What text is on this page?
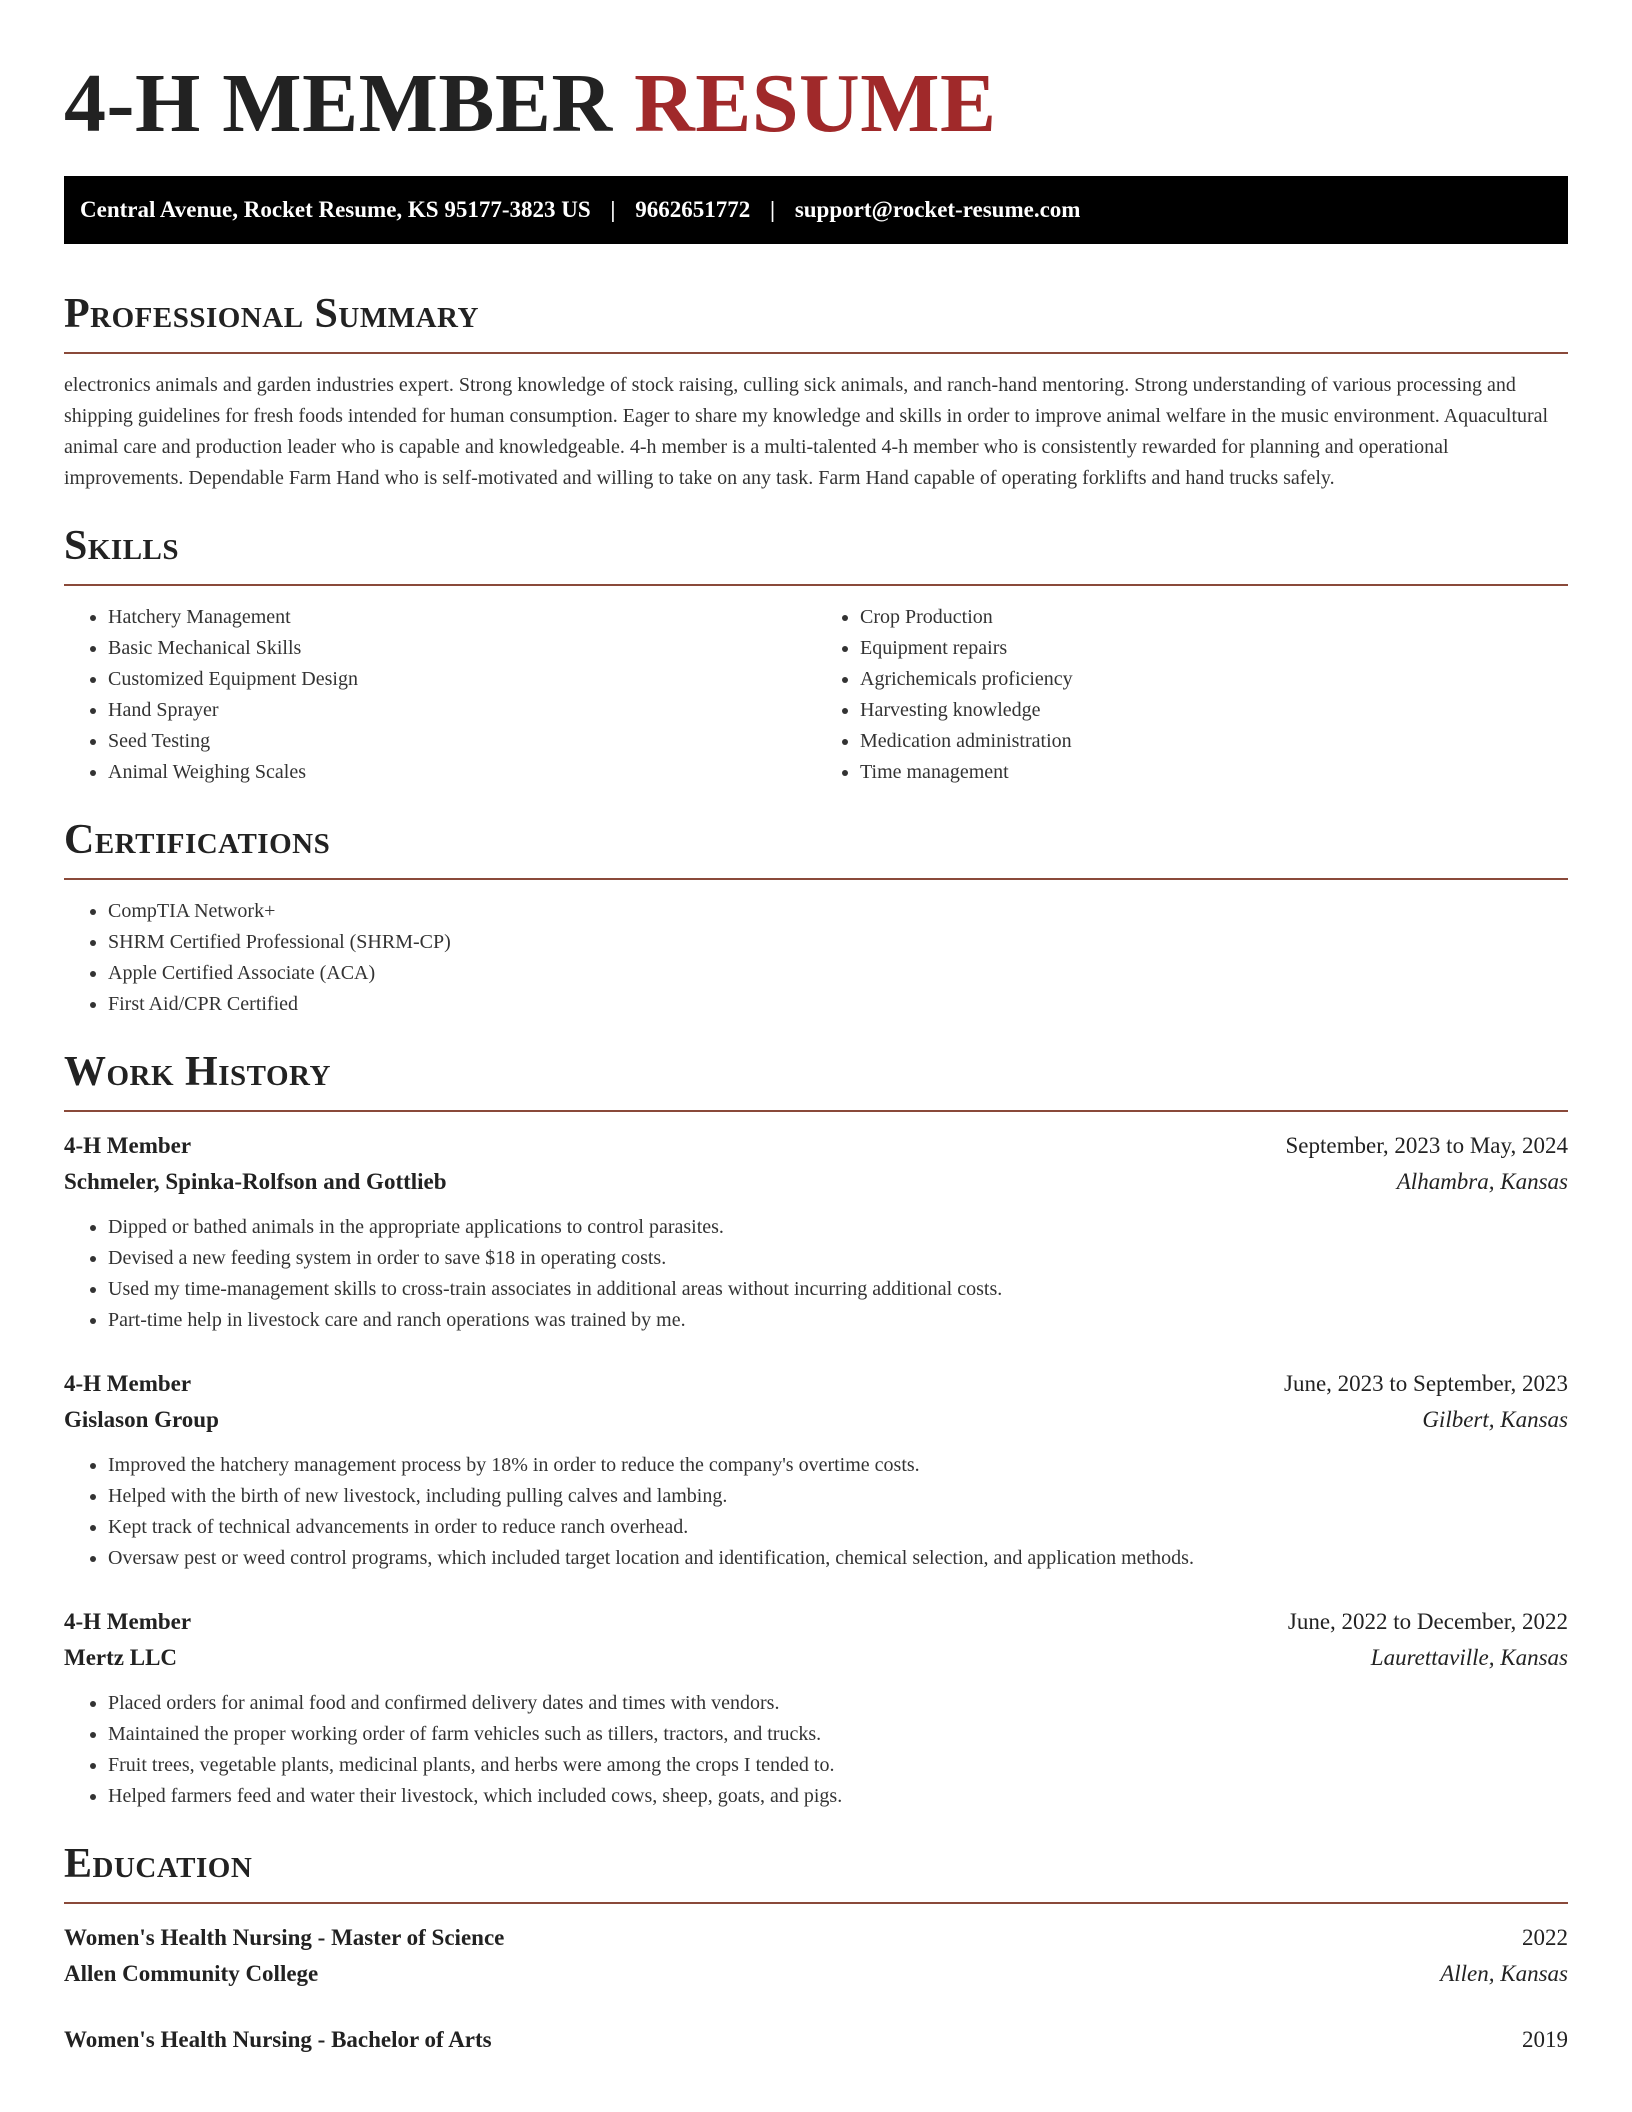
4-H MEMBER RESUME
Central Avenue, Rocket Resume, KS 95177-3823 US | 9662651772 | support@rocket-resume.com
Professional Summary

electronics animals and garden industries expert. Strong knowledge of stock raising, culling sick animals, and ranch-hand mentoring. Strong understanding of various processing and shipping guidelines for fresh foods intended for human consumption. Eager to share my knowledge and skills in order to improve animal welfare in the music environment. Aquacultural animal care and production leader who is capable and knowledgeable. 4-h member is a multi-talented 4-h member who is consistently rewarded for planning and operational improvements. Dependable Farm Hand who is self-motivated and willing to take on any task. Farm Hand capable of operating forklifts and hand trucks safely.

Skills
• Hatchery Management
• Basic Mechanical Skills
• Customized Equipment Design
• Hand Sprayer
• Seed Testing
• Animal Weighing Scales
• Crop Production
• Equipment repairs
• Agrichemicals proficiency
• Harvesting knowledge
• Medication administration
• Time management
Certifications
• CompTIA Network+
• SHRM Certified Professional (SHRM-CP)
• Apple Certified Associate (ACA)
• First Aid/CPR Certified
Work History
4-H Member	September, 2023 to May, 2024
Schmeler, Spinka-Rolfson and Gottlieb	Alhambra, Kansas
• Dipped or bathed animals in the appropriate applications to control parasites.
• Devised a new feeding system in order to save $18 in operating costs.
• Used my time-management skills to cross-train associates in additional areas without incurring additional costs.
• Part-time help in livestock care and ranch operations was trained by me.
4-H Member	June, 2023 to September, 2023
Gislason Group	Gilbert, Kansas
• Improved the hatchery management process by 18% in order to reduce the company's overtime costs.
• Helped with the birth of new livestock, including pulling calves and lambing.
• Kept track of technical advancements in order to reduce ranch overhead.
• Oversaw pest or weed control programs, which included target location and identification, chemical selection, and application methods.
4-H Member	June, 2022 to December, 2022
Mertz LLC	Laurettaville, Kansas
• Placed orders for animal food and confirmed delivery dates and times with vendors.
• Maintained the proper working order of farm vehicles such as tillers, tractors, and trucks.
• Fruit trees, vegetable plants, medicinal plants, and herbs were among the crops I tended to.
• Helped farmers feed and water their livestock, which included cows, sheep, goats, and pigs.
Education
Women's Health Nursing - Master of Science	2022
Allen Community College	Allen, Kansas
Women's Health Nursing - Bachelor of Arts	2019
